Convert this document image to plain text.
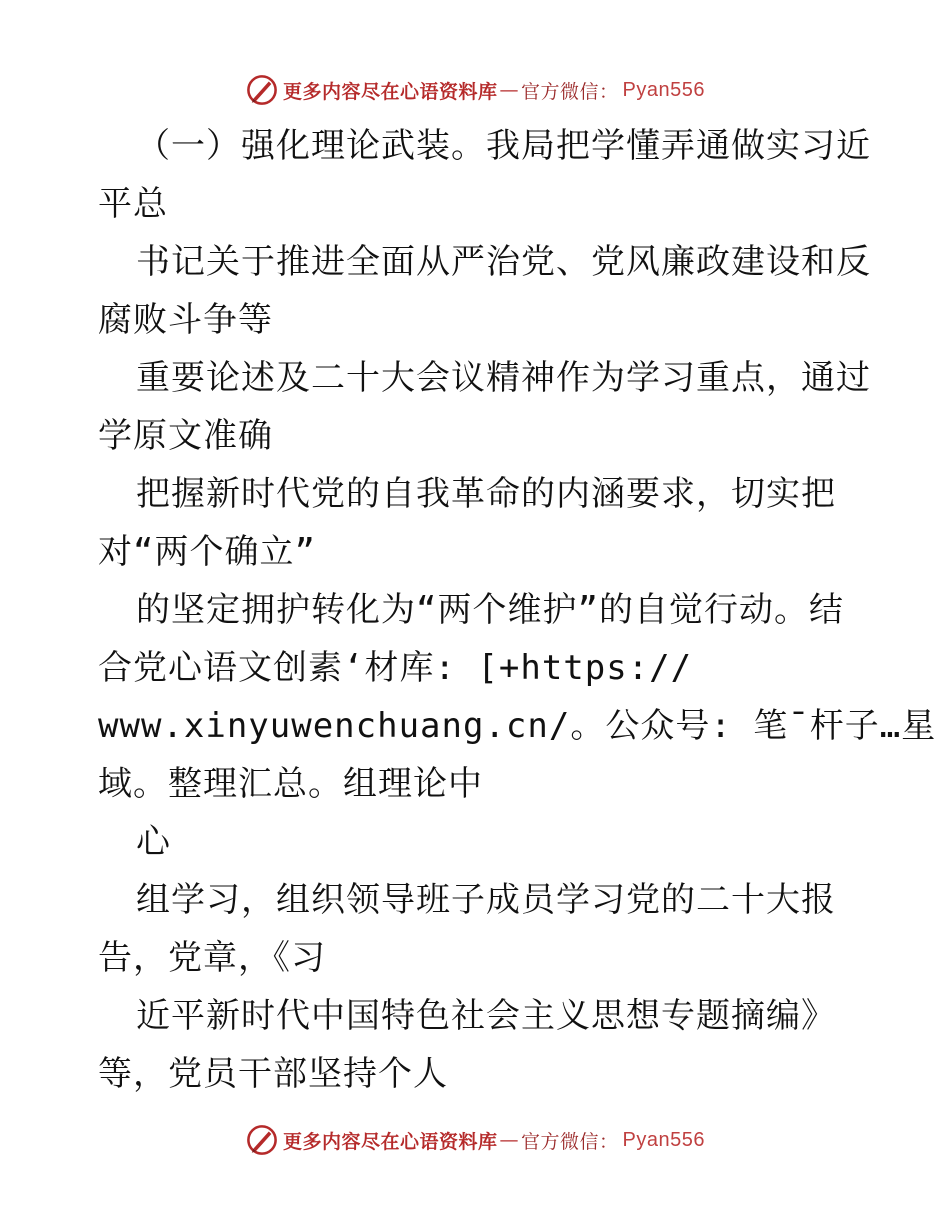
更多内容尽在心语资料库 — 官方微信： Pyan556
（一）强化理论武装。我局把学懂弄通做实习近
平总
书记关于推进全面从严治党、党风廉政建设和反
腐败斗争等
重要论述及二十大会议精神作为学习重点，通过
学原文准确
把握新时代党的自我革命的内涵要求，切实把
对“两个确立”
的坚定拥护转化为“两个维护”的自觉行动。结
合党心语文创素‘材库: [+https://
www.xinyuwenchuang.cn/。公众号: 笔¯杆子…星
域。整理汇总。组理论中
心
组学习，组织领导班子成员学习党的二十大报
告，党章，《习
近平新时代中国特色社会主义思想专题摘编》
等，党员干部坚持个人
更多内容尽在心语资料库 — 官方微信： Pyan556
